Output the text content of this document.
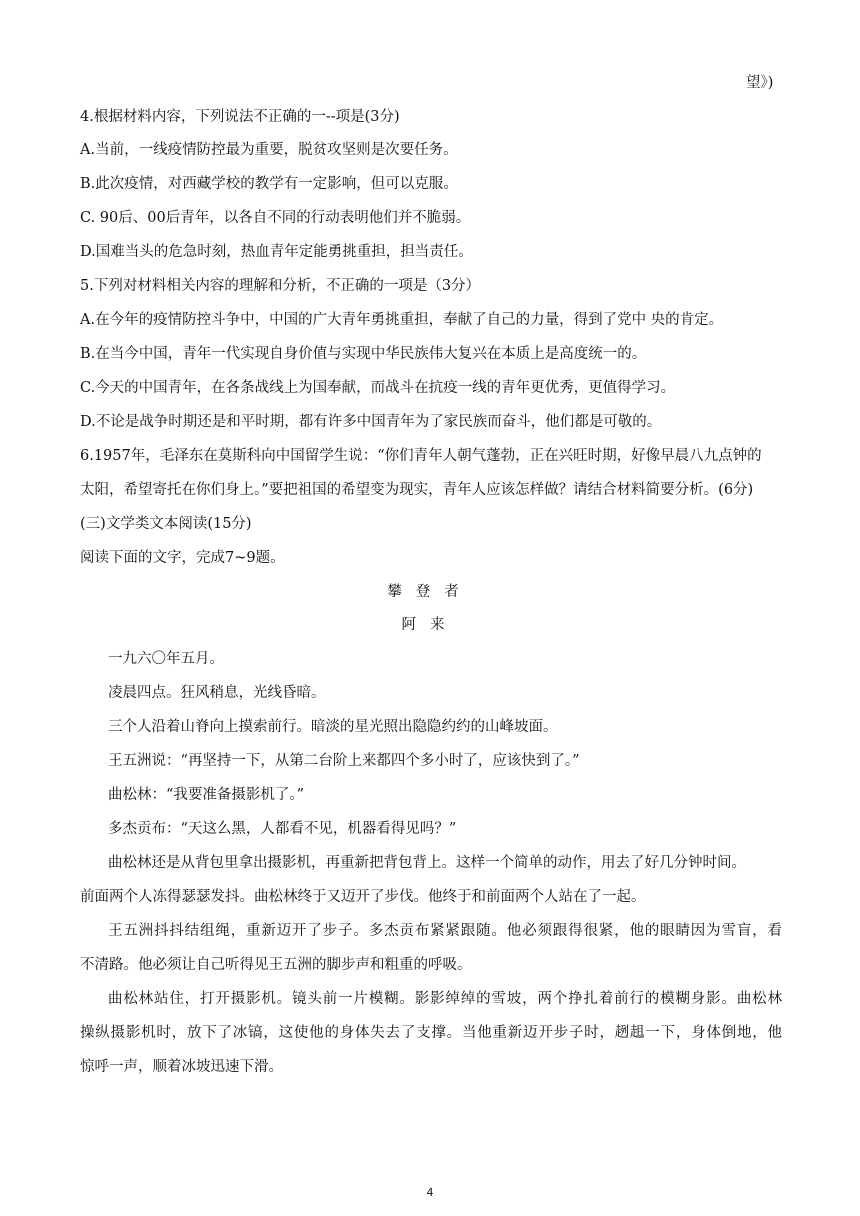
望》)
4.根据材料内容，下列说法不正确的一--项是(3分)
A.当前，一线疫情防控最为重要，脱贫攻坚则是次要任务。
B.此次疫情，对西藏学校的教学有一定影响，但可以克服。
C. 90后、00后青年，以各自不同的行动表明他们并不脆弱。
D.国难当头的危急时刻，热血青年定能勇挑重担，担当责任。
5.下列对材料相关内容的理解和分析，不正确的一项是（3分）
A.在今年的疫情防控斗争中，中国的广大青年勇挑重担，奉献了自己的力量，得到了党中 央的肯定。
B.在当今中国，青年一代实现自身价值与实现中华民族伟大复兴在本质上是高度统一的。
C.今天的中国青年，在各条战线上为国奉献，而战斗在抗疫一线的青年更优秀，更值得学习。
D.不论是战争时期还是和平时期，都有许多中国青年为了家民族而奋斗，他们都是可敬的。
6.1957年，毛泽东在莫斯科向中国留学生说：“你们青年人朝气蓬勃，正在兴旺时期，好像早晨八九点钟的
太阳，希望寄托在你们身上。”要把祖国的希望变为现实，青年人应该怎样做？请结合材料简要分析。(6分)
(三)文学类文本阅读(15分)
阅读下面的文字，完成7~9题。
攀登者
阿来
一九六〇年五月。
凌晨四点。狂风稍息，光线昏暗。
三个人沿着山脊向上摸索前行。暗淡的星光照出隐隐约约的山峰坡面。
王五洲说：“再坚持一下，从第二台阶上来都四个多小时了，应该快到了。”
曲松林：“我要准备摄影机了。”
多杰贡布：“天这么黑，人都看不见，机器看得见吗？”
曲松林还是从背包里拿出摄影机，再重新把背包背上。这样一个简单的动作，用去了好几分钟时间。
前面两个人冻得瑟瑟发抖。曲松林终于又迈开了步伐。他终于和前面两个人站在了一起。
王五洲抖抖结组绳，重新迈开了步子。多杰贡布紧紧跟随。他必须跟得很紧，他的眼睛因为雪盲，看
不清路。他必须让自己听得见王五洲的脚步声和粗重的呼吸。
曲松林站住，打开摄影机。镜头前一片模糊。影影绰绰的雪坡，两个挣扎着前行的模糊身影。曲松林
操纵摄影机时，放下了冰镐，这使他的身体失去了支撑。当他重新迈开步子时，趔趄一下，身体倒地，他
惊呼一声，顺着冰坡迅速下滑。
4
